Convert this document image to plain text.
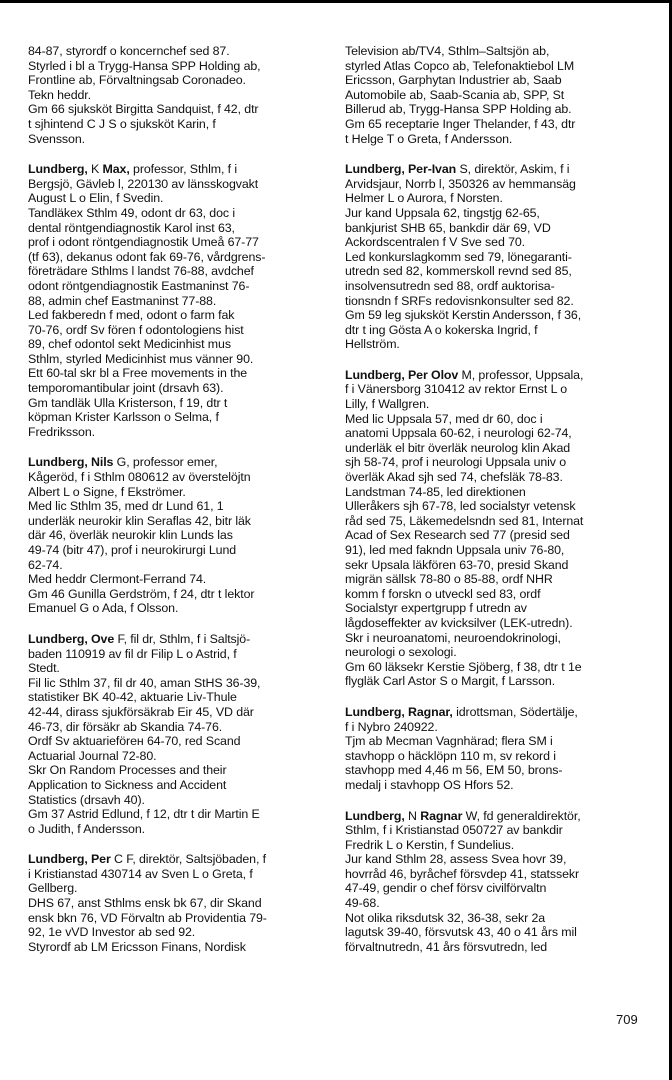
84-87, styrordf o koncernchef sed 87.
Styrled i bl a Trygg-Hansa SPP Holding ab,
Frontline ab, Förvaltningsab Coronadeo.
Tekn heddr.
Gm 66 sjuksköt Birgitta Sandquist, f 42, dtr
t sjhintend C J S o sjuksköt Karin, f
Svensson.
Lundberg, K Max, professor, Sthlm, f i
Bergsjö, Gävleb l, 220130 av länsskogvakt
August L o Elin, f Svedin.
Tandläkex Sthlm 49, odont dr 63, doc i
dental röntgendiagnostik Karol inst 63,
prof i odont röntgendiagnostik Umeå 67-77
(tf 63), dekanus odont fak 69-76, vårdgrens-
företrädare Sthlms l landst 76-88, avdchef
odont röntgendiagnostik Eastmaninst 76-
88, admin chef Eastmaninst 77-88.
Led fakberedn f med, odont o farm fak
70-76, ordf Sv fören f odontologiens hist
89, chef odontol sekt Medicinhist mus
Sthlm, styrled Medicinhist mus vänner 90.
Ett 60-tal skr bl a Free movements in the
temporomantibular joint (drsavh 63).
Gm tandläk Ulla Kristerson, f 19, dtr t
köpman Krister Karlsson o Selma, f
Fredriksson.
Lundberg, Nils G, professor emer,
Kågeröd, f i Sthlm 080612 av överstelöjtn
Albert L o Signe, f Ekströmer.
Med lic Sthlm 35, med dr Lund 61, 1
underläk neurokir klin Seraflas 42, bitr läk
där 46, överläk neurokir klin Lunds las
49-74 (bitr 47), prof i neurokirurgi Lund
62-74.
Med heddr Clermont-Ferrand 74.
Gm 46 Gunilla Gerdström, f 24, dtr t lektor
Emanuel G o Ada, f Olsson.
Lundberg, Ove F, fil dr, Sthlm, f i Saltsjö-
baden 110919 av fil dr Filip L o Astrid, f
Stedt.
Fil lic Sthlm 37, fil dr 40, aman StHS 36-39,
statistiker BK 40-42, aktuarie Liv-Thule
42-44, dirass sjukförsäkrab Eir 45, VD där
46-73, dir försäkr ab Skandia 74-76.
Ordf Sv aktuarieförен 64-70, red Scand
Actuarial Journal 72-80.
Skr On Random Processes and their
Application to Sickness and Accident
Statistics (drsavh 40).
Gm 37 Astrid Edlund, f 12, dtr t dir Martin E
o Judith, f Andersson.
Lundberg, Per C F, direktör, Saltsjöbaden, f
i Kristianstad 430714 av Sven L o Greta, f
Gellberg.
DHS 67, anst Sthlms ensk bk 67, dir Skand
ensk bkn 76, VD Förvaltn ab Providentia 79-
92, 1e vVD Investor ab sed 92.
Styrordf ab LM Ericsson Finans, Nordisk
Television ab/TV4, Sthlm–Saltsjön ab,
styrled Atlas Copco ab, Telefonaktiebol LM
Ericsson, Garphytan Industrier ab, Saab
Automobile ab, Saab-Scania ab, SPP, St
Billerud ab, Trygg-Hansa SPP Holding ab.
Gm 65 receptarie Inger Thelander, f 43, dtr
t Helge T o Greta, f Andersson.
Lundberg, Per-Ivan S, direktör, Askim, f i
Arvidsjaur, Norrb l, 350326 av hemmansäg
Helmer L o Aurora, f Norsten.
Jur kand Uppsala 62, tingstjg 62-65,
bankjurist SHB 65, bankdir där 69, VD
Ackordscentralen f V Sve sed 70.
Led konkurslagkomm sed 79, lönegaranti-
utredn sed 82, kommerskoll revnd sed 85,
insolvensutredn sed 88, ordf auktorisa-
tionsndn f SRFs redovisnkonsulter sed 82.
Gm 59 leg sjuksköt Kerstin Andersson, f 36,
dtr t ing Gösta A o kokerska Ingrid, f
Hellström.
Lundberg, Per Olov M, professor, Uppsala,
f i Vänersborg 310412 av rektor Ernst L o
Lilly, f Wallgren.
Med lic Uppsala 57, med dr 60, doc i
anatomi Uppsala 60-62, i neurologi 62-74,
underläk el bitr överläk neurolog klin Akad
sjh 58-74, prof i neurologi Uppsala univ o
överläk Akad sjh sed 74, chefsläk 78-83.
Landstman 74-85, led direktionen
Ulleråkers sjh 67-78, led socialstyr vetensk
råd sed 75, Läkemedelsndn sed 81, Internat
Acad of Sex Research sed 77 (presid sed
91), led med fakndn Uppsala univ 76-80,
sekr Upsala läkfören 63-70, presid Skand
migrän sällsk 78-80 o 85-88, ordf NHR
komm f forskn o utveckl sed 83, ordf
Socialstyr expertgrupp f utredn av
lågdoseffekter av kvicksilver (LEK-utredn).
Skr i neuroanatomi, neuroendokrinologi,
neurologi o sexologi.
Gm 60 läksekr Kerstie Sjöberg, f 38, dtr t 1e
flygläk Carl Astor S o Margit, f Larsson.
Lundberg, Ragnar, idrottsman, Södertälje,
f i Nybro 240922.
Tjm ab Mecman Vagnhärad; flera SM i
stavhopp o häcklöpn 110 m, sv rekord i
stavhopp med 4,46 m 56, EM 50, brons-
medalj i stavhopp OS Hfors 52.
Lundberg, N Ragnar W, fd generaldirektör,
Sthlm, f i Kristianstad 050727 av bankdir
Fredrik L o Kerstin, f Sundelius.
Jur kand Sthlm 28, assess Svea hovr 39,
hovrråd 46, byråchef försvdep 41, statssekr
47-49, gendir o chef försv civilförvaltn
49-68.
Not olika riksdutsk 32, 36-38, sekr 2a
lagutsk 39-40, försvutsk 43, 40 o 41 års mil
förvaltnutredn, 41 års försvutredn, led
709
